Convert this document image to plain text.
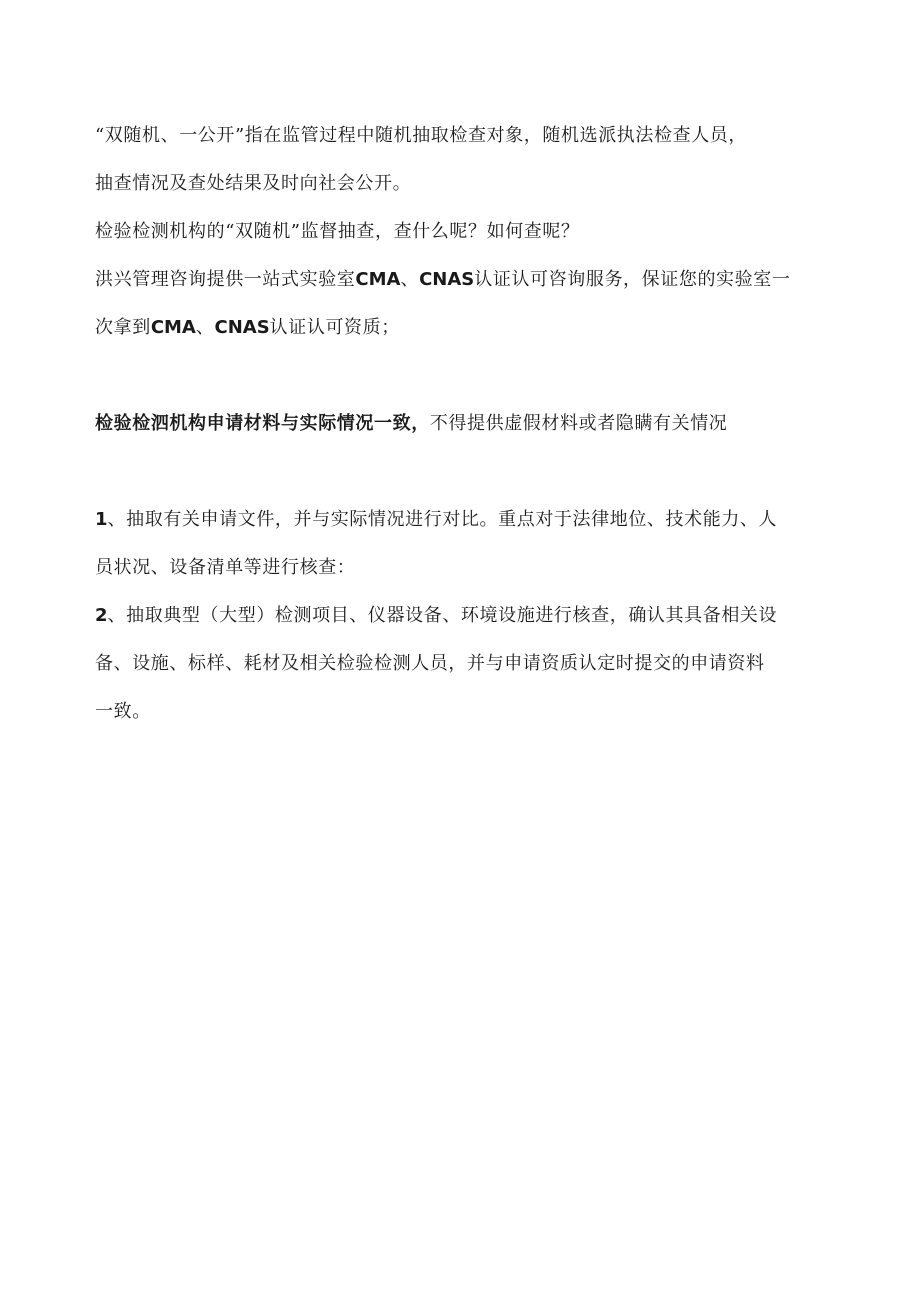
“双随机、一公开”指在监管过程中随机抽取检查对象，随机选派执法检查人员，
抽查情况及查处结果及时向社会公开。
检验检测机构的“双随机”监督抽查，查什么呢？如何查呢？
洪兴管理咨询提供一站式实验室CMA、CNAS认证认可咨询服务，保证您的实验室一
次拿到CMA、CNAS认证认可资质；
检验检泗机构申请材料与实际情况一致，不得提供虚假材料或者隐瞒有关情况
1、抽取有关申请文件，并与实际情况进行对比。重点对于法律地位、技术能力、人
员状况、设备清单等进行核查：
2、抽取典型（大型）检测项目、仪器设备、环境设施进行核查，确认其具备相关设
备、设施、标样、耗材及相关检验检测人员，并与申请资质认定时提交的申请资料
一致。
